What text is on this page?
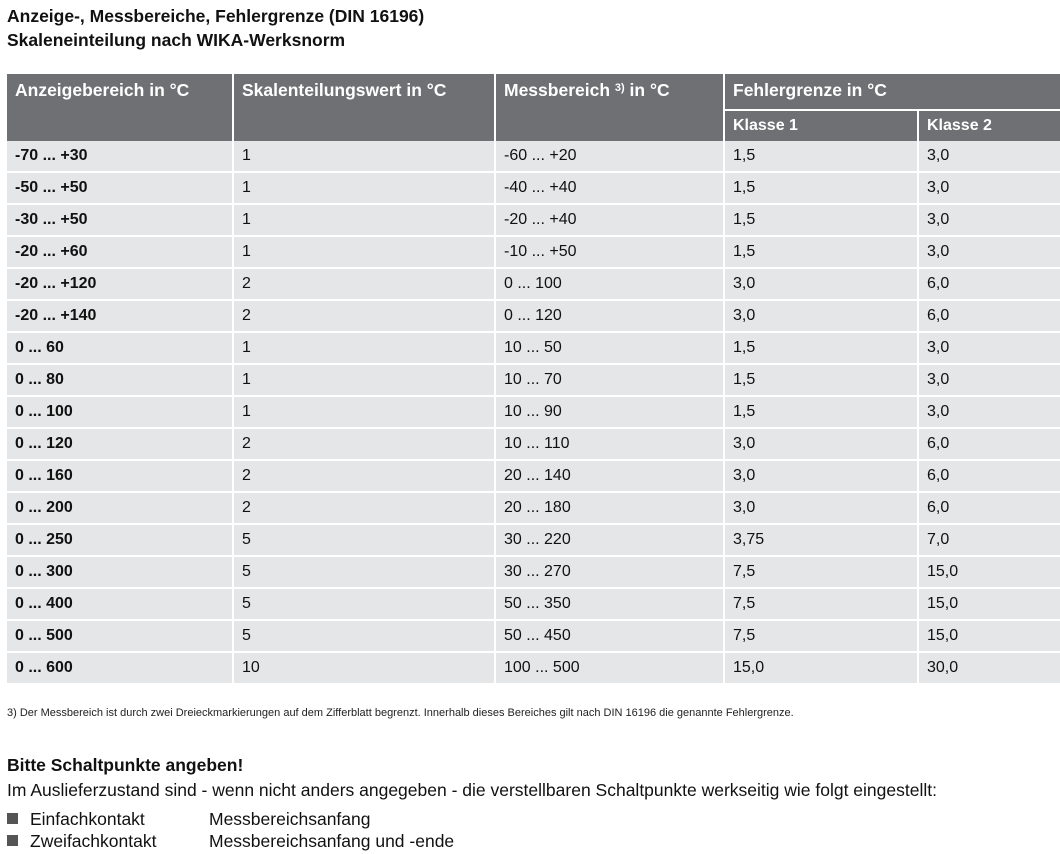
Anzeige-, Messbereiche, Fehlergrenze (DIN 16196)
Skaleneinteilung nach WIKA-Werksnorm
Anzeigebereich in °C	Skalenteilungswert in °C	Messbereich $^{3)}$ in °C	Fehlergrenze in °C	
			Klasse 1	Klasse 2
-70 ... +30	1	-60 ... +20	1,5	3,0
-50 ... +50	1	-40 ... +40	1,5	3,0
-30 ... +50	1	-20 ... +40	1,5	3,0
-20 ... +60	1	-10 ... +50	1,5	3,0
-20 ... +120	2	0 ... 100	3,0	6,0
-20 ... +140	2	0 ... 120	3,0	6,0
0 ... 60	1	10 ... 50	1,5	3,0
0 ... 80	1	10 ... 70	1,5	3,0
0 ... 100	1	10 ... 90	1,5	3,0
0 ... 120	2	10 ... 110	3,0	6,0
0 ... 160	2	20 ... 140	3,0	6,0
0 ... 200	2	20 ... 180	3,0	6,0
0 ... 250	5	30 ... 220	3,75	7,0
0 ... 300	5	30 ... 270	7,5	15,0
0 ... 400	5	50 ... 350	7,5	15,0
0 ... 500	5	50 ... 450	7,5	15,0
0 ... 600	10	100 ... 500	15,0	30,0
3) Der Messbereich ist durch zwei Dreieckmarkierungen auf dem Zifferblatt begrenzt. Innerhalb dieses Bereiches gilt nach DIN 16196 die genannte Fehlergrenze.
Bitte Schaltpunkte angeben!
Im Auslieferzustand sind - wenn nicht anders angegeben - die verstellbaren Schaltpunkte werkseitig wie folgt eingestellt:
Einfachkontakt	Messbereichsanfang
Zweifachkontakt	Messbereichsanfang und -ende
